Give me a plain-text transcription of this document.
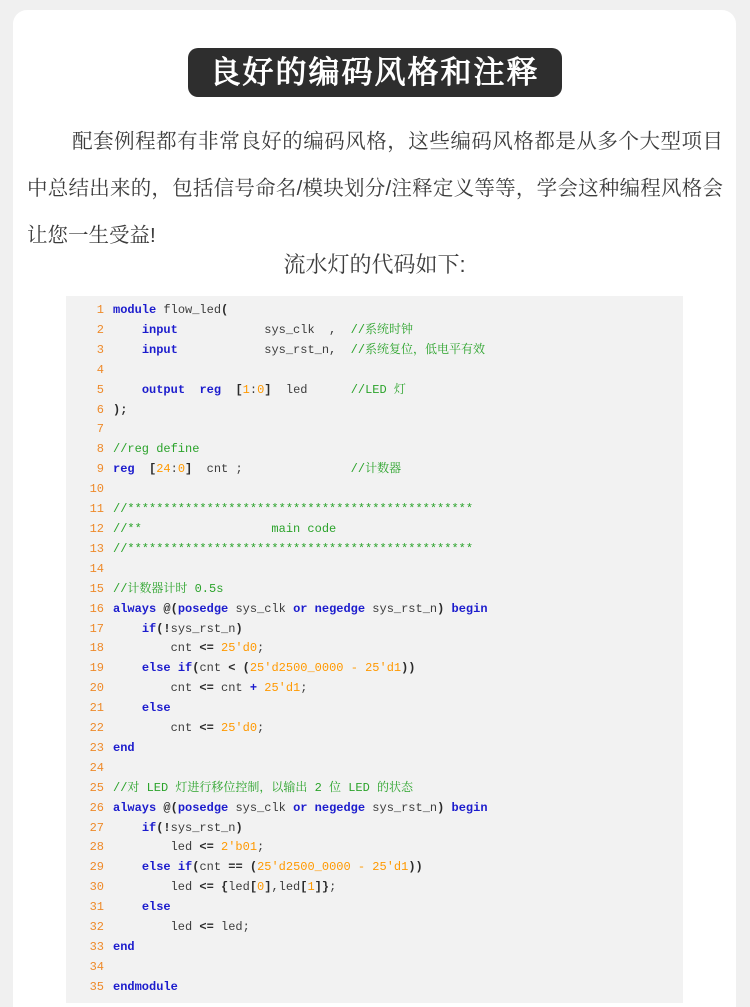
良好的编码风格和注释

配套例程都有非常良好的编码风格，这些编码风格都是从多个大型项目中总结出来的，包括信号命名/模块划分/注释定义等等，学会这种编程风格会让您一生受益!

流水灯的代码如下:

1 module flow_led(
2	input            sys_clk  ,  //系统时钟
3	input            sys_rst_n,  //系统复位，低电平有效
4
5	output reg [1:0]  led      //LED 灯
6 );
7
8 //reg define
9 reg [24:0]  cnt ;               //计数器
10
11 //************************************************
12 //**                  main code
13 //************************************************
14
15 //计数器计时 0.5s
16 always @(posedge sys_clk or negedge sys_rst_n) begin
17	if(!sys_rst_n)
18        cnt <= 25'd0;
19	else if(cnt < (25'd2500_0000 - 25'd1))
20        cnt <= cnt + 25'd1;
21	else
22        cnt <= 25'd0;
23 end
24
25 //对 LED 灯进行移位控制，以输出 2 位 LED 的状态
26 always @(posedge sys_clk or negedge sys_rst_n) begin
27	if(!sys_rst_n)
28        led <= 2'b01;
29	else if(cnt == (25'd2500_0000 - 25'd1))
30        led <= {led[0],led[1]};
31	else
32        led <= led;
33 end
34
35 endmodule
